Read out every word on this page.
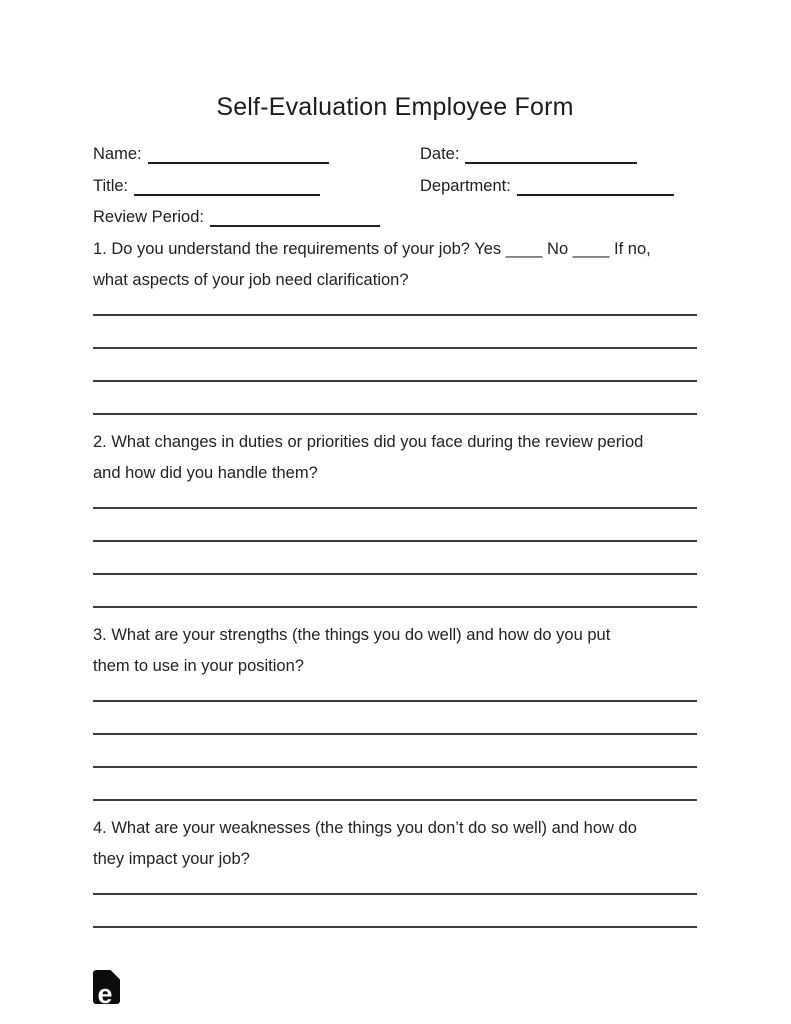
Self-Evaluation Employee Form
Name:	Date:
Title:	Department:
Review Period:
1. Do you understand the requirements of your job? Yes ____ No ____ If no,
what aspects of your job need clarification?
2. What changes in duties or priorities did you face during the review period
and how did you handle them?
3. What are your strengths (the things you do well) and how do you put
them to use in your position?
4. What are your weaknesses (the things you don’t do so well) and how do
they impact your job?
e
